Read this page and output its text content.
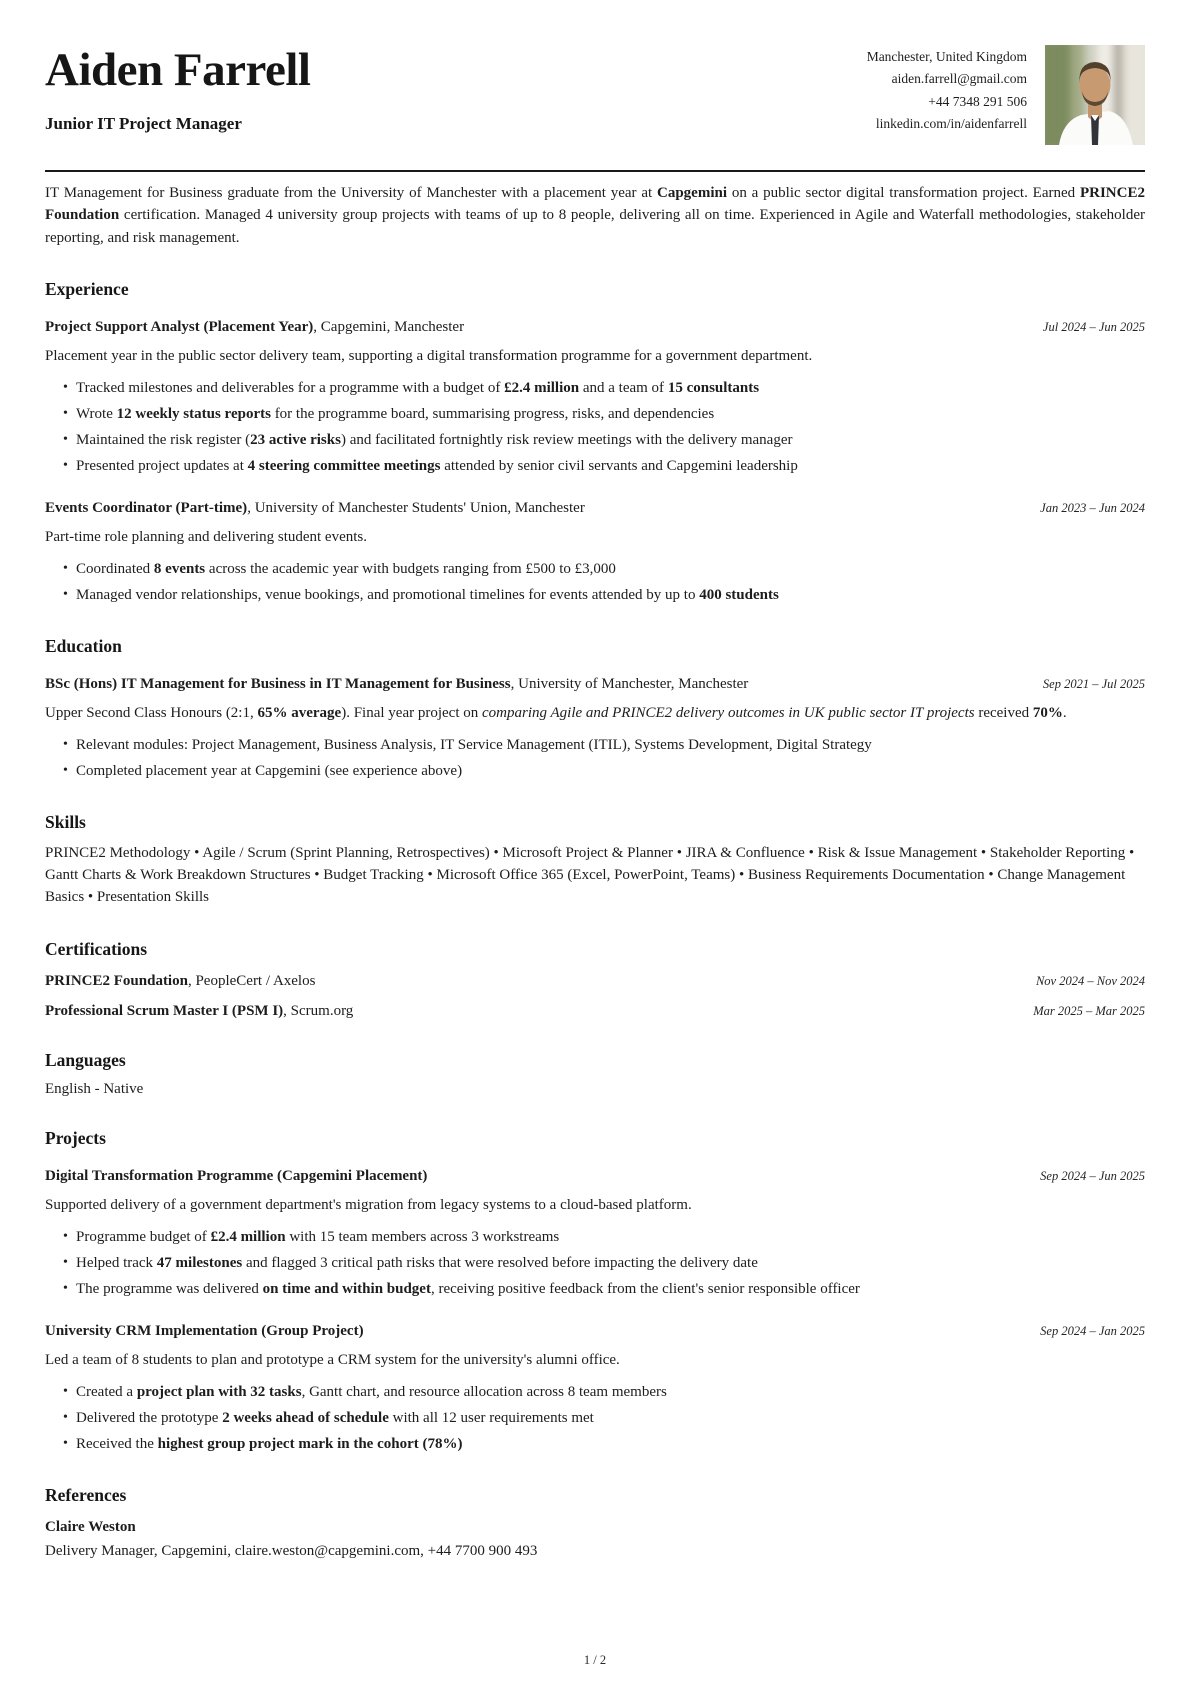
Aiden Farrell
Junior IT Project Manager
Manchester, United Kingdom
aiden.farrell@gmail.com
+44 7348 291 506
linkedin.com/in/aidenfarrell

IT Management for Business graduate from the University of Manchester with a placement year at Capgemini on a public sector digital transformation project. Earned PRINCE2 Foundation certification. Managed 4 university group projects with teams of up to 8 people, delivering all on time. Experienced in Agile and Waterfall methodologies, stakeholder reporting, and risk management.

Experience
Project Support Analyst (Placement Year), Capgemini, Manchester	Jul 2024 – Jun 2025
Placement year in the public sector delivery team, supporting a digital transformation programme for a government department.
• Tracked milestones and deliverables for a programme with a budget of £2.4 million and a team of 15 consultants
• Wrote 12 weekly status reports for the programme board, summarising progress, risks, and dependencies
• Maintained the risk register (23 active risks) and facilitated fortnightly risk review meetings with the delivery manager
• Presented project updates at 4 steering committee meetings attended by senior civil servants and Capgemini leadership
Events Coordinator (Part-time), University of Manchester Students' Union, Manchester	Jan 2023 – Jun 2024
Part-time role planning and delivering student events.
• Coordinated 8 events across the academic year with budgets ranging from £500 to £3,000
• Managed vendor relationships, venue bookings, and promotional timelines for events attended by up to 400 students
Education
BSc (Hons) IT Management for Business in IT Management for Business, University of Manchester, Manchester	Sep 2021 – Jul 2025
Upper Second Class Honours (2:1, 65% average). Final year project on comparing Agile and PRINCE2 delivery outcomes in UK public sector IT projects received 70%.
• Relevant modules: Project Management, Business Analysis, IT Service Management (ITIL), Systems Development, Digital Strategy
• Completed placement year at Capgemini (see experience above)
Skills

PRINCE2 Methodology • Agile / Scrum (Sprint Planning, Retrospectives) • Microsoft Project & Planner • JIRA & Confluence • Risk & Issue Management • Stakeholder Reporting • Gantt Charts & Work Breakdown Structures • Budget Tracking • Microsoft Office 365 (Excel, PowerPoint, Teams) • Business Requirements Documentation • Change Management Basics • Presentation Skills

Certifications
PRINCE2 Foundation, PeopleCert / Axelos	Nov 2024 – Nov 2024
Professional Scrum Master I (PSM I), Scrum.org	Mar 2025 – Mar 2025
Languages
English - Native
Projects
Digital Transformation Programme (Capgemini Placement)	Sep 2024 – Jun 2025
Supported delivery of a government department's migration from legacy systems to a cloud-based platform.
• Programme budget of £2.4 million with 15 team members across 3 workstreams
• Helped track 47 milestones and flagged 3 critical path risks that were resolved before impacting the delivery date
• The programme was delivered on time and within budget, receiving positive feedback from the client's senior responsible officer
University CRM Implementation (Group Project)	Sep 2024 – Jan 2025
Led a team of 8 students to plan and prototype a CRM system for the university's alumni office.
• Created a project plan with 32 tasks, Gantt chart, and resource allocation across 8 team members
• Delivered the prototype 2 weeks ahead of schedule with all 12 user requirements met
• Received the highest group project mark in the cohort (78%)
References
Claire Weston
Delivery Manager, Capgemini, claire.weston@capgemini.com, +44 7700 900 493
1 / 2
